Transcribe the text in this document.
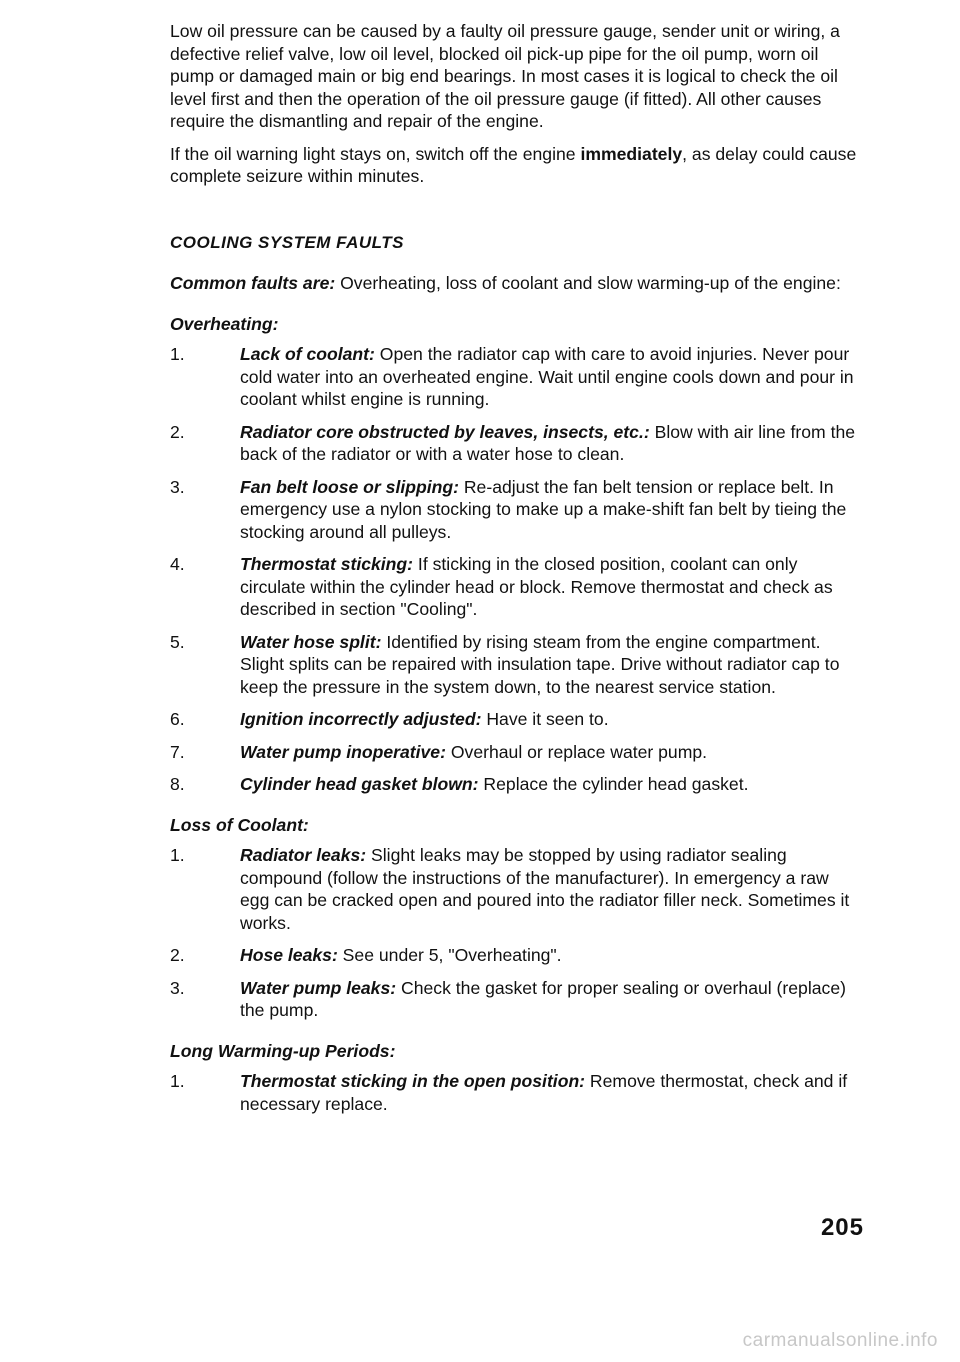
Low oil pressure can be caused by a faulty oil pressure gauge, sender unit or wiring, a defective relief valve, low oil level, blocked oil pick-up pipe for the oil pump, worn oil pump or damaged main or big end bearings. In most cases it is logical to check the oil level first and then the operation of the oil pressure gauge (if fitted). All other causes require the dismantling and repair of the engine.

If the oil warning light stays on, switch off the engine immediately, as delay could cause complete seizure within minutes.

COOLING SYSTEM FAULTS

Common faults are: Overheating, loss of coolant and slow warming-up of the engine:

Overheating:
1.	Lack of coolant: Open the radiator cap with care to avoid injuries. Never pour cold water into an overheated engine. Wait until engine cools down and pour in coolant whilst engine is running.
2.	Radiator core obstructed by leaves, insects, etc.: Blow with air line from the back of the radiator or with a water hose to clean.
3.	Fan belt loose or slipping: Re-adjust the fan belt tension or replace belt. In emergency use a nylon stocking to make up a make-shift fan belt by tieing the stocking around all pulleys.
4.	Thermostat sticking: If sticking in the closed position, coolant can only circulate within the cylinder head or block. Remove thermostat and check as described in section "Cooling".
5.	Water hose split: Identified by rising steam from the engine compartment. Slight splits can be repaired with insulation tape. Drive without radiator cap to keep the pressure in the system down, to the nearest service station.
6.	Ignition incorrectly adjusted: Have it seen to.
7.	Water pump inoperative: Overhaul or replace water pump.
8.	Cylinder head gasket blown: Replace the cylinder head gasket.
Loss of Coolant:
1.	Radiator leaks: Slight leaks may be stopped by using radiator sealing compound (follow the instructions of the manufacturer). In emergency a raw egg can be cracked open and poured into the radiator filler neck. Sometimes it works.
2.	Hose leaks: See under 5, "Overheating".
3.	Water pump leaks: Check the gasket for proper sealing or overhaul (replace) the pump.
Long Warming-up Periods:
1.	Thermostat sticking in the open position: Remove thermostat, check and if necessary replace.
205
carmanualsonline.info
